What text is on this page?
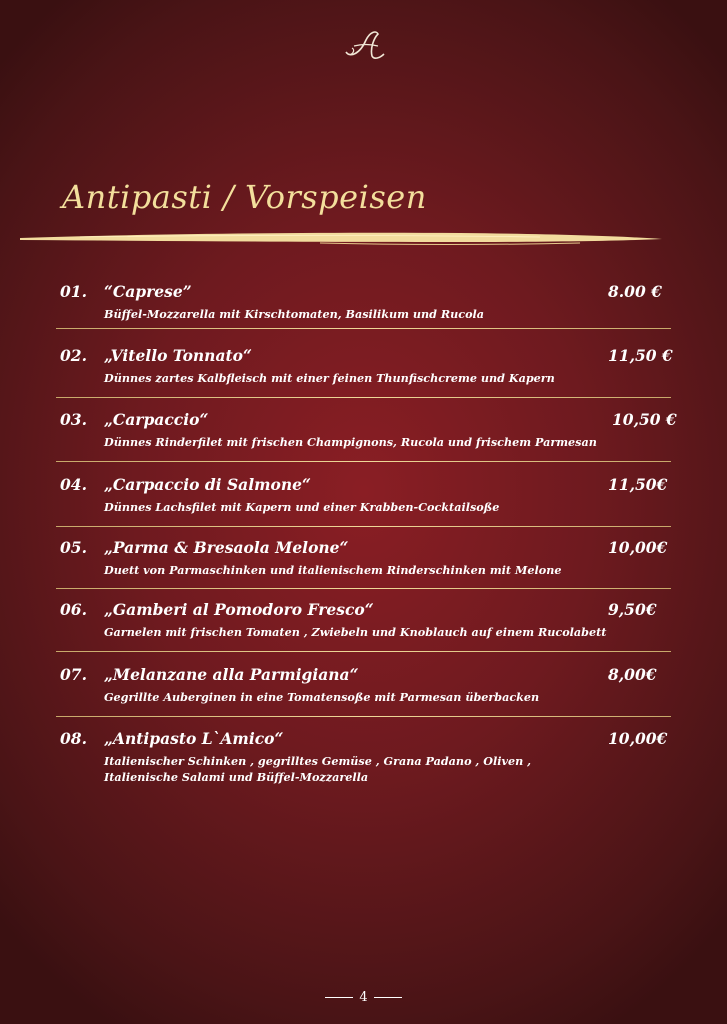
Antipasti / Vorspeisen
01. “Caprese”	8.00 €
Büffel-Mozzarella mit Kirschtomaten, Basilikum und Rucola
02. „Vitello Tonnato“	11,50 €
Dünnes zartes Kalbfleisch mit einer feinen Thunfischcreme und Kapern
03. „Carpaccio“	10,50 €
Dünnes Rinderfilet mit frischen Champignons, Rucola und frischem Parmesan
04. „Carpaccio di Salmone“	11,50€
Dünnes Lachsfilet mit Kapern und einer Krabben-Cocktailsoße
05. „Parma & Bresaola Melone“	10,00€
Duett von Parmaschinken und italienischem Rinderschinken mit Melone
06. „Gamberi al Pomodoro Fresco“	9,50€
Garnelen mit frischen Tomaten , Zwiebeln und Knoblauch auf einem Rucolabett
07. „Melanzane alla Parmigiana“	8,00€
Gegrillte Auberginen in eine Tomatensoße mit Parmesan überbacken
08. „Antipasto L`Amico“	10,00€
Italienischer Schinken , gegrilltes Gemüse , Grana Padano , Oliven ,
Italienische Salami und Büffel-Mozzarella
4
